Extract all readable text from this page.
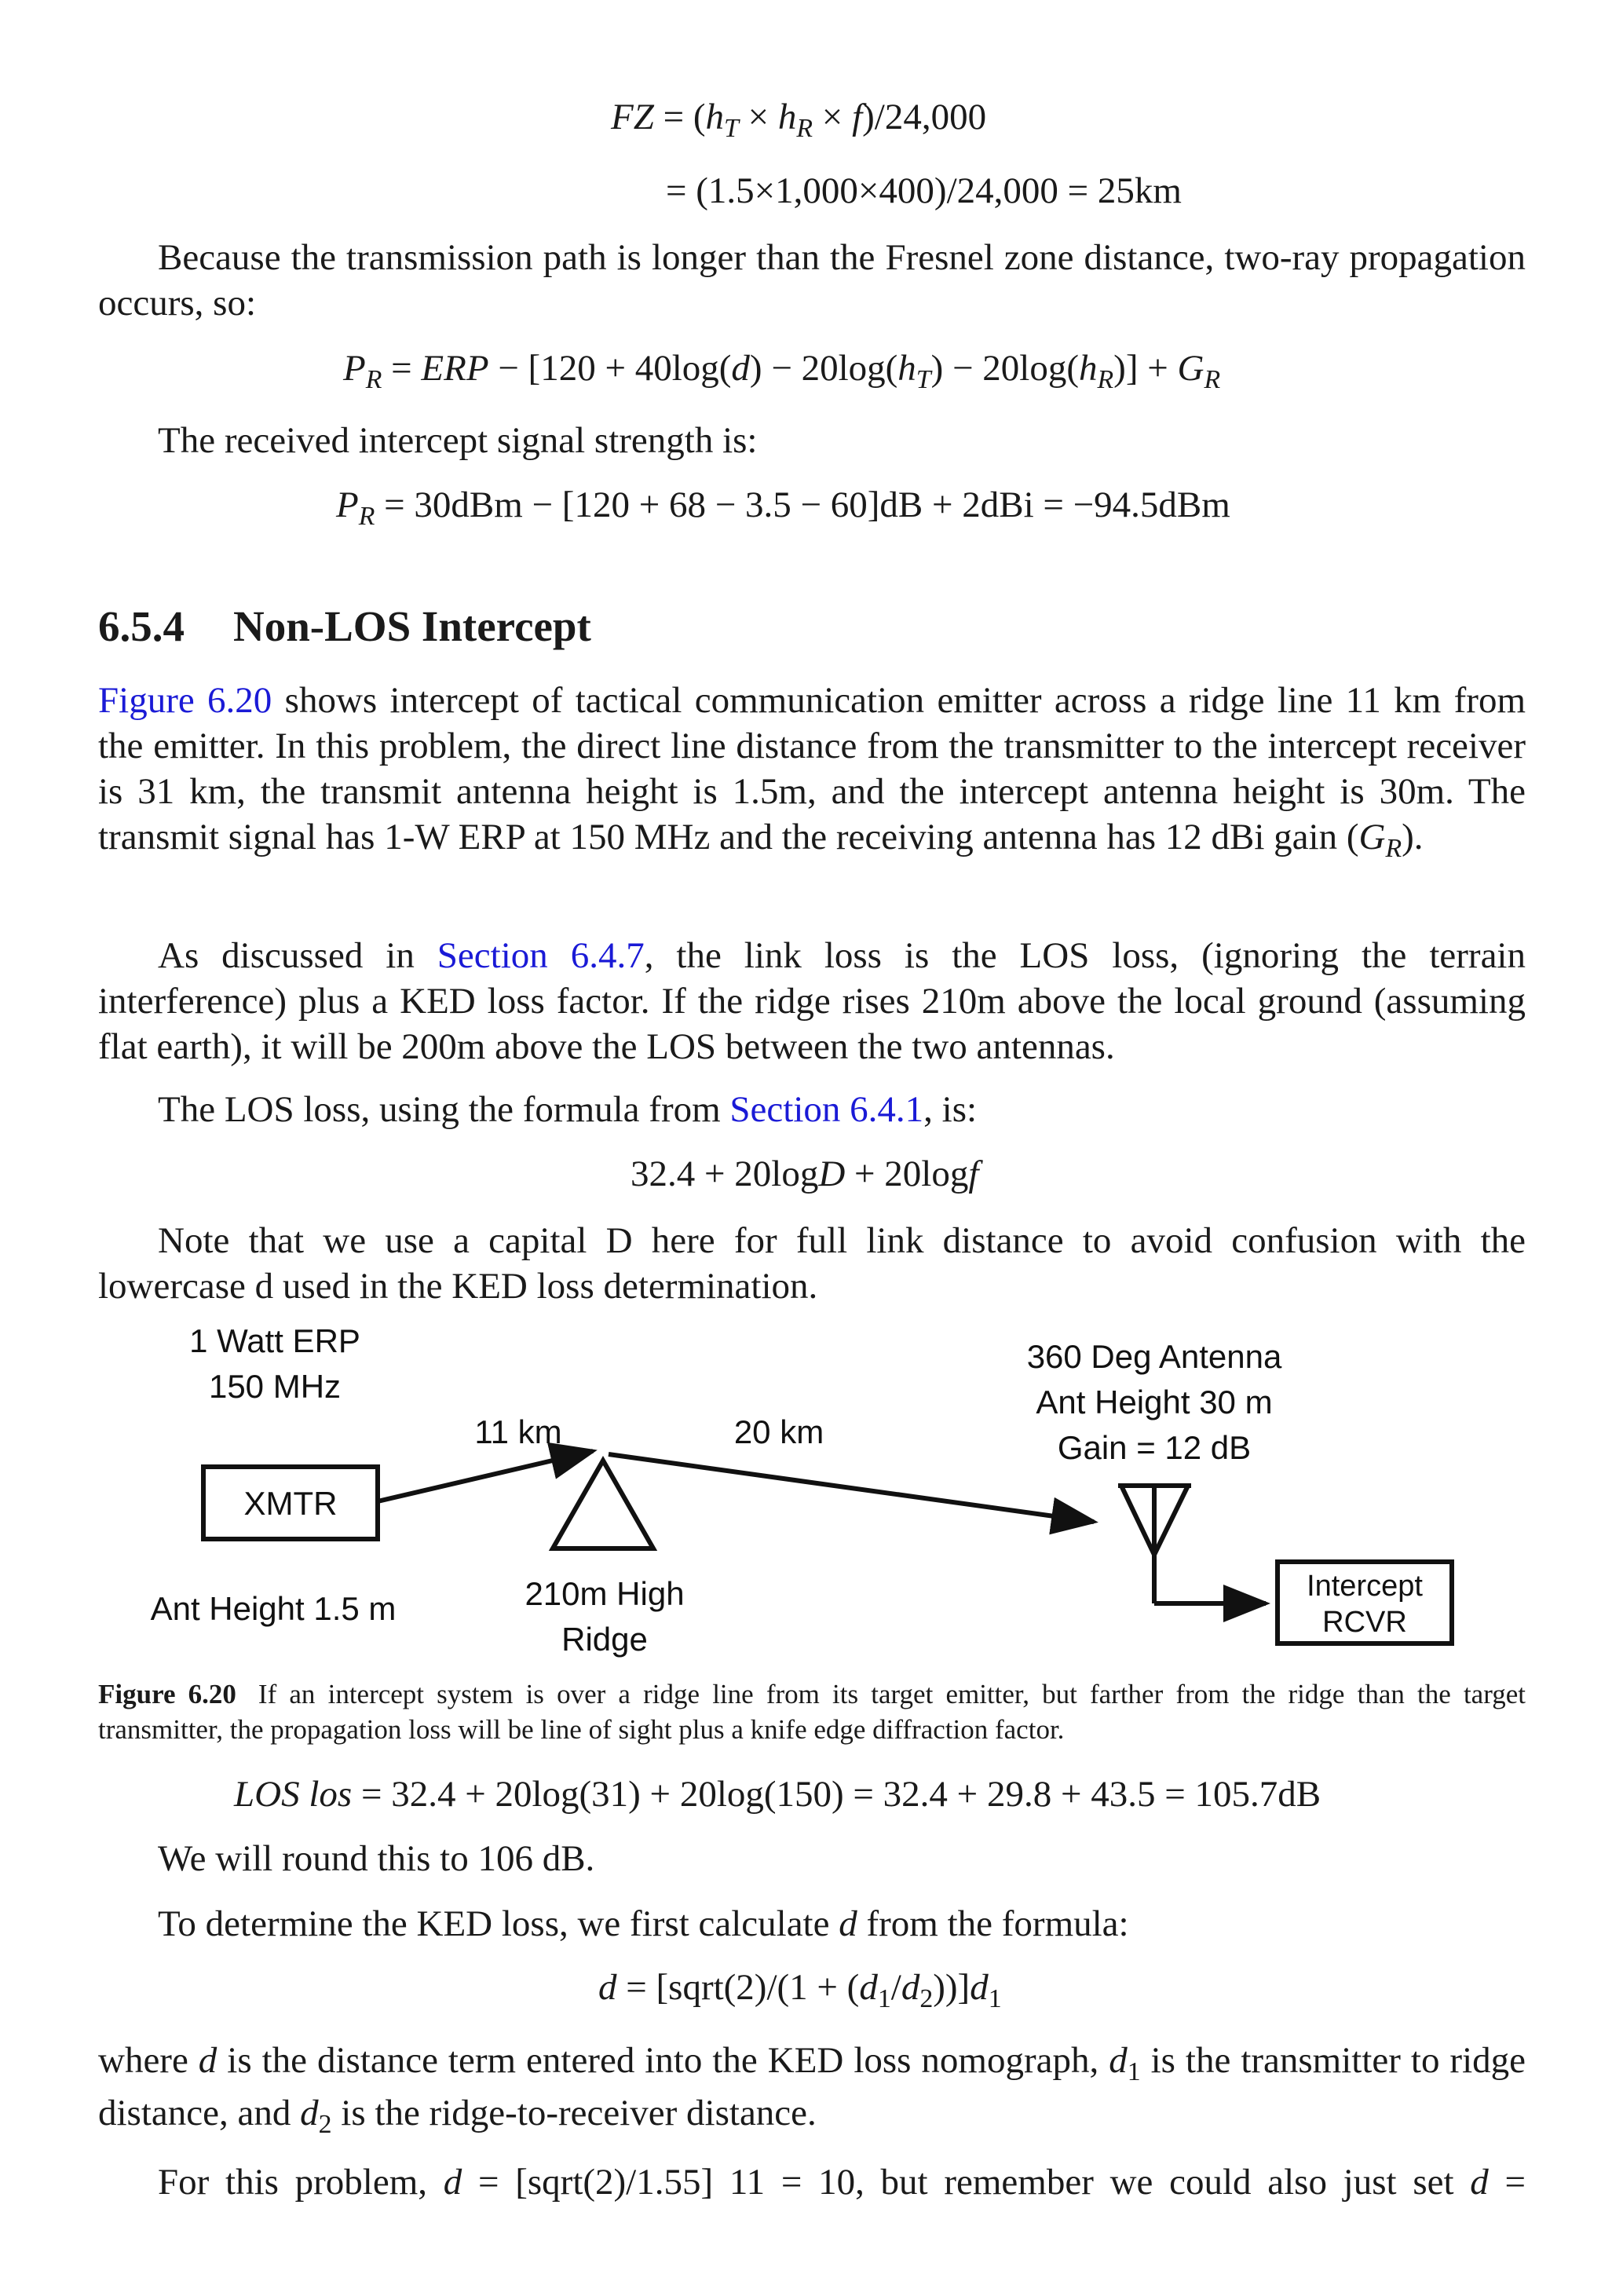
FZ = $(h_T \times h_R \times f)/24,000$

= (1.5×1,000×400)/24,000 = 25km

Because the transmission path is longer than the Fresnel zone distance, two-ray propagation occurs, so:

$P_R$ = ERP − $[120 + 40\log(d) - 20\log(h_T) - 20\log(h_R)] + G_R$

The received intercept signal strength is:

$P_R = 30dBm - [120 + 68 - 3.5 - 60]dB + 2dBi = -94.5dBm$

6.5.4 Non-LOS Intercept

Figure 6.20 shows intercept of tactical communication emitter across a ridge line 11 km from the emitter. In this problem, the direct line distance from the transmitter to the intercept receiver is 31 km, the transmit antenna height is 1.5m, and the intercept antenna height is 30m. The transmit signal has 1-W ERP at 150 MHz and the receiving antenna has 12 dBi gain $(G_R)$.

As discussed in Section 6.4.7, the link loss is the LOS loss, (ignoring the terrain interference) plus a KED loss factor. If the ridge rises 210m above the local ground (assuming flat earth), it will be 200m above the LOS between the two antennas.

The LOS loss, using the formula from Section 6.4.1, is:

32.4 + 20logD + 20logf

Note that we use a capital D here for full link distance to avoid confusion with the lowercase d used in the KED loss determination.

1 Watt ERP
150 MHz
XMTR
Ant Height 1.5 m
11 km	20 km
210m High
Ridge
360 Deg Antenna
Ant Height 30 m
Gain = 12 dB
Intercept
RCVR

Figure 6.20 If an intercept system is over a ridge line from its target emitter, but farther from the ridge than the target transmitter, the propagation loss will be line of sight plus a knife edge diffraction factor.

LOS los = 32.4 + 20log(31) + 20log(150) = 32.4 + 29.8 + 43.5 = 105.7dB

We will round this to 106 dB.

To determine the KED loss, we first calculate d from the formula:

d = [sqrt(2)/(1 + $(d_1/d_2))]d_1$

where d is the distance term entered into the KED loss nomograph, $d_1$ is the transmitter to ridge distance, and $d_2$ is the ridge-to-receiver distance.

For this problem, d = [sqrt(2)/1.55] 11 = 10, but remember we could also just set d =
